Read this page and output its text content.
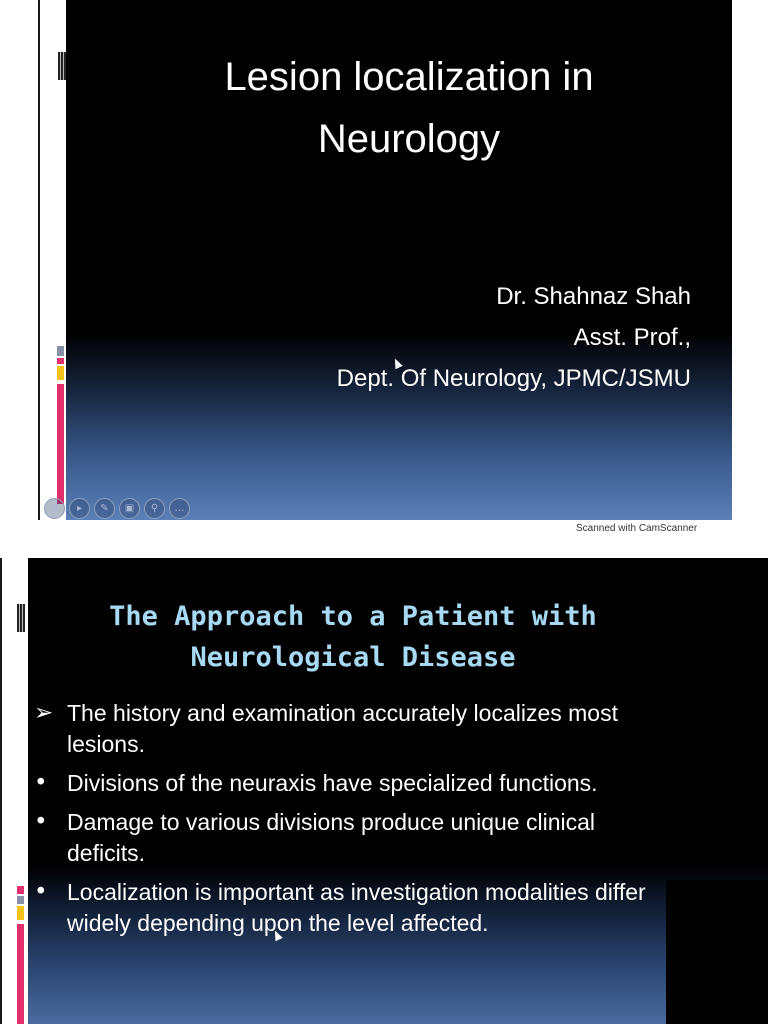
Lesion localization in
Neurology
Dr. Shahnaz Shah
Asst. Prof.,
Dept. Of Neurology, JPMC/JSMU
◁	▸	✎	▣	⚲	…
Scanned with CamScanner
The Approach to a Patient with
Neurological Disease
➢ The history and examination accurately localizes most lesions.
• Divisions of the neuraxis have specialized functions.
• Damage to various divisions produce unique clinical deficits.
• Localization is important as investigation modalities differ widely depending upon the level affected.
